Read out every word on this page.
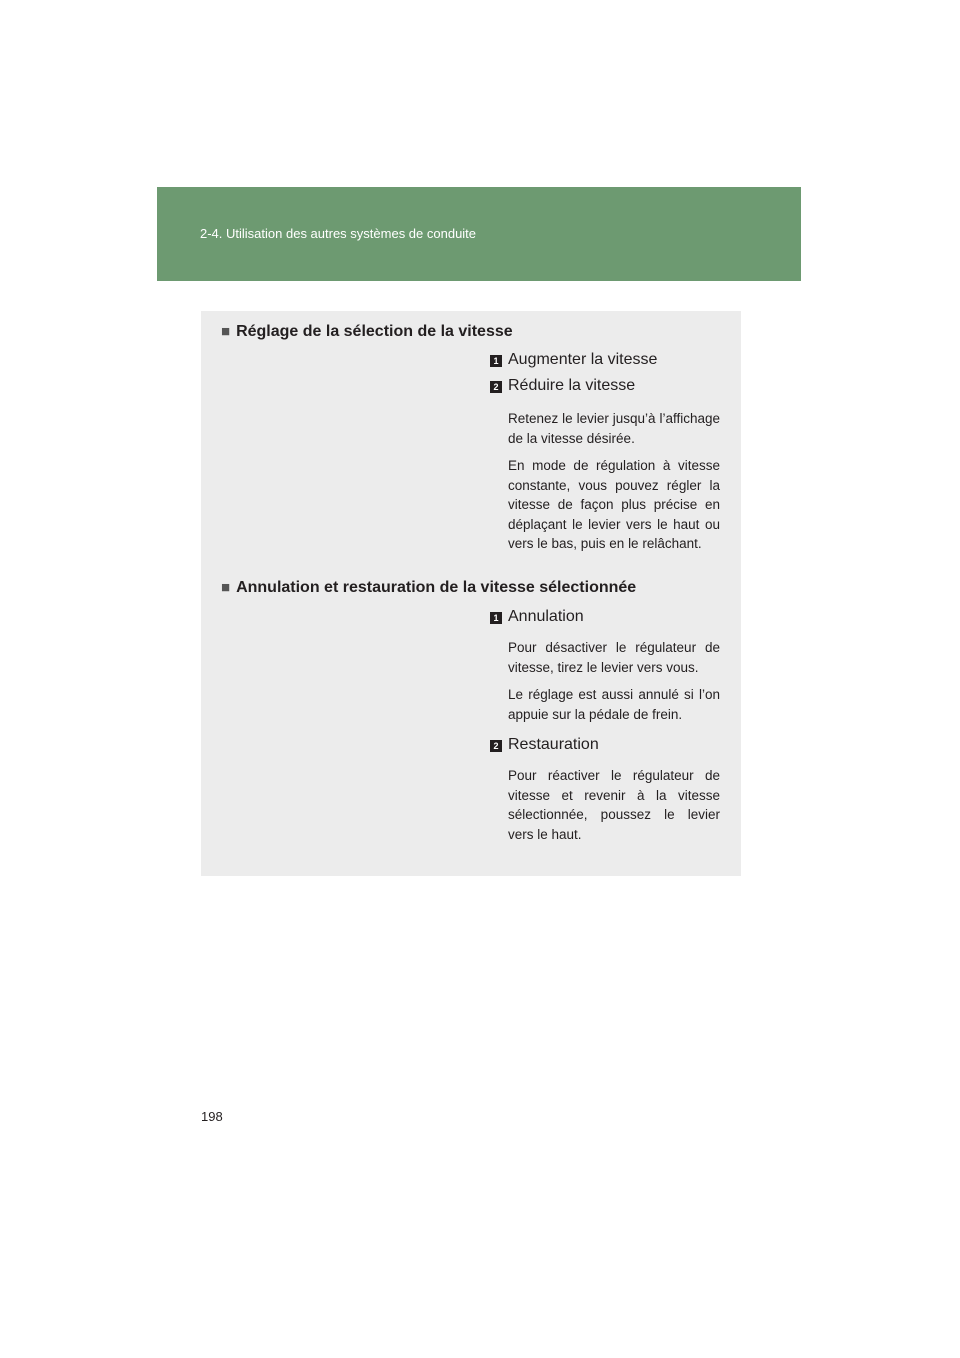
2-4. Utilisation des autres systèmes de conduite
■ Réglage de la sélection de la vitesse
1 Augmenter la vitesse
2 Réduire la vitesse
Retenez le levier jusqu’à l’affichage de la vitesse désirée.
En mode de régulation à vitesse constante, vous pouvez régler la vitesse de façon plus précise en déplaçant le levier vers le haut ou vers le bas, puis en le relâchant.
■ Annulation et restauration de la vitesse sélectionnée
1 Annulation
Pour désactiver le régulateur de vitesse, tirez le levier vers vous.
Le réglage est aussi annulé si l’on appuie sur la pédale de frein.
2 Restauration
Pour réactiver le régulateur de vitesse et revenir à la vitesse sélectionnée, poussez le levier vers le haut.
198
